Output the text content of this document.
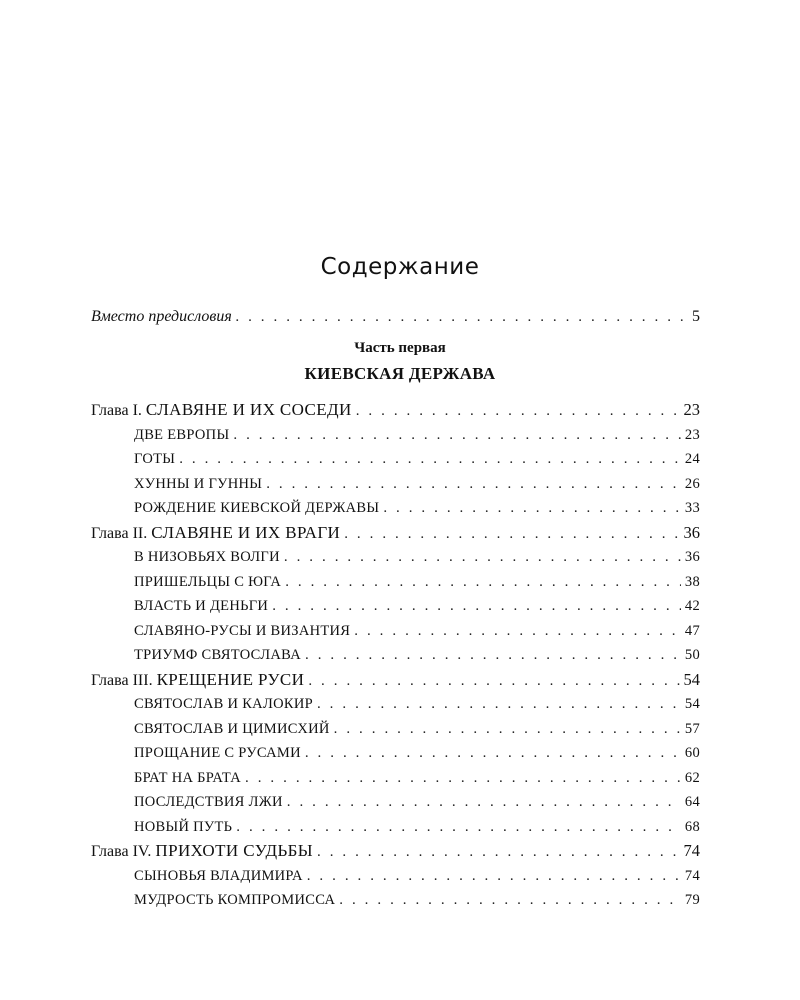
Содержание
Вместо предисловия . . .	5
Часть первая
КИЕВСКАЯ ДЕРЖАВА
Глава I. СЛАВЯНЕ И ИХ СОСЕДИ . . .	23
ДВЕ ЕВРОПЫ . . .	23
ГОТЫ . . .	24
ХУННЫ И ГУННЫ . . .	26
РОЖДЕНИЕ КИЕВСКОЙ ДЕРЖАВЫ . . .	33
Глава II. СЛАВЯНЕ И ИХ ВРАГИ . . .	36
В НИЗОВЬЯХ ВОЛГИ . . .	36
ПРИШЕЛЬЦЫ С ЮГА . . .	38
ВЛАСТЬ И ДЕНЬГИ . . .	42
СЛАВЯНО-РУСЫ И ВИЗАНТИЯ . . .	47
ТРИУМФ СВЯТОСЛАВА . . .	50
Глава III. КРЕЩЕНИЕ РУСИ . . .	54
СВЯТОСЛАВ И КАЛОКИР . . .	54
СВЯТОСЛАВ И ЦИМИСХИЙ . . .	57
ПРОЩАНИЕ С РУСАМИ . . .	60
БРАТ НА БРАТА . . .	62
ПОСЛЕДСТВИЯ ЛЖИ . . .	64
НОВЫЙ ПУТЬ . . .	68
Глава IV. ПРИХОТИ СУДЬБЫ . . .	74
СЫНОВЬЯ ВЛАДИМИРА . . .	74
МУДРОСТЬ КОМПРОМИССА . . .	79
